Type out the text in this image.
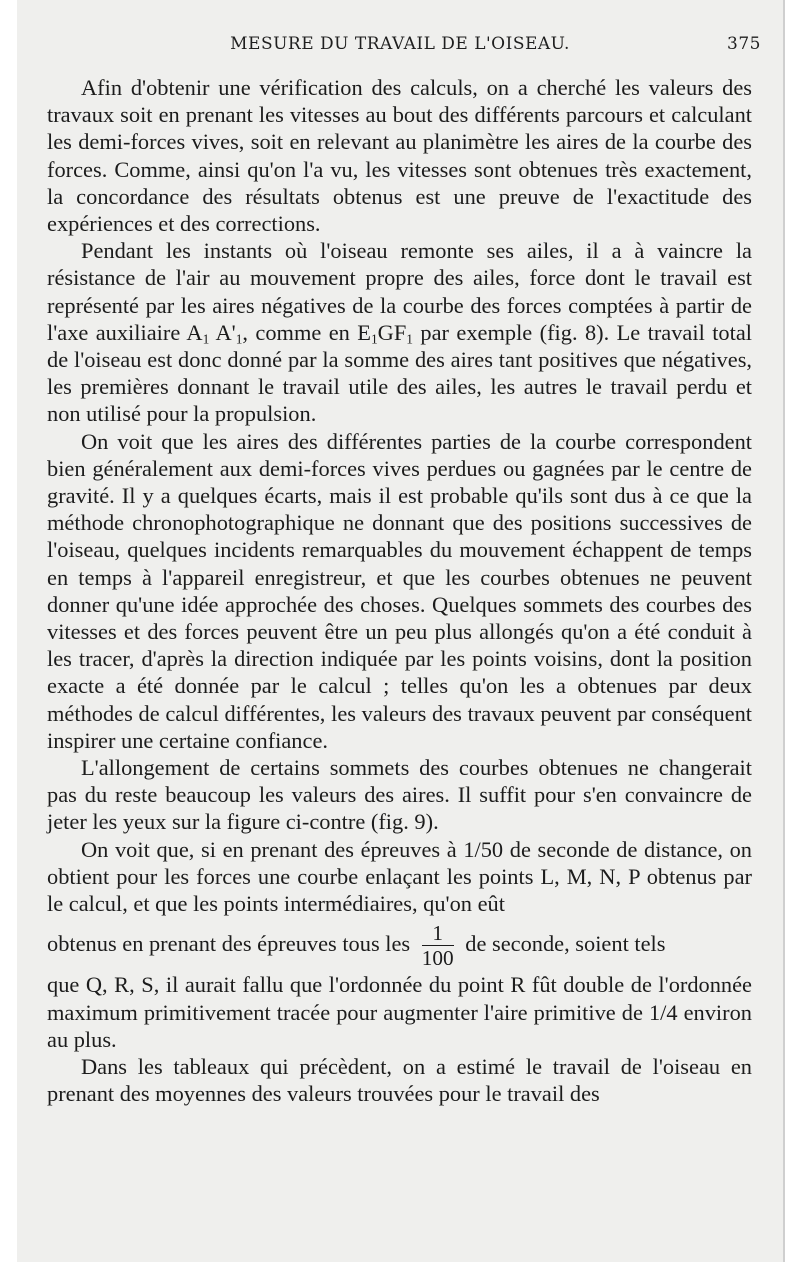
MESURE DU TRAVAIL DE L'OISEAU.	375

Afin d'obtenir une vérification des calculs, on a cherché les valeurs des travaux soit en prenant les vitesses au bout des différents parcours et calculant les demi-forces vives, soit en relevant au planimètre les aires de la courbe des forces. Comme, ainsi qu'on l'a vu, les vitesses sont obtenues très exactement, la concordance des résultats obtenus est une preuve de l'exactitude des expériences et des corrections.

Pendant les instants où l'oiseau remonte ses ailes, il a à vaincre la résistance de l'air au mouvement propre des ailes, force dont le travail est représenté par les aires négatives de la courbe des forces comptées à partir de l'axe auxiliaire $A_1$ $A'_1$, comme en $E_1GF_1$ par exemple (fig. 8). Le travail total de l'oiseau est donc donné par la somme des aires tant positives que négatives, les premières donnant le travail utile des ailes, les autres le travail perdu et non utilisé pour la propulsion.

On voit que les aires des différentes parties de la courbe correspondent bien généralement aux demi-forces vives perdues ou gagnées par le centre de gravité. Il y a quelques écarts, mais il est probable qu'ils sont dus à ce que la méthode chronophotographique ne donnant que des positions successives de l'oiseau, quelques incidents remarquables du mouvement échappent de temps en temps à l'appareil enregistreur, et que les courbes obtenues ne peuvent donner qu'une idée approchée des choses. Quelques sommets des courbes des vitesses et des forces peuvent être un peu plus allongés qu'on a été conduit à les tracer, d'après la direction indiquée par les points voisins, dont la position exacte a été donnée par le calcul ; telles qu'on les a obtenues par deux méthodes de calcul différentes, les valeurs des travaux peuvent par conséquent inspirer une certaine confiance.

L'allongement de certains sommets des courbes obtenues ne changerait pas du reste beaucoup les valeurs des aires. Il suffit pour s'en convaincre de jeter les yeux sur la figure ci-contre (fig. 9).

On voit que, si en prenant des épreuves à 1/50 de seconde de distance, on obtient pour les forces une courbe enlaçant les points L, M, N, P obtenus par le calcul, et que les points intermédiaires, qu'on eût

obtenus en prenant des épreuves tous les $\frac{1}{100}$ de seconde, soient tels

que Q, R, S, il aurait fallu que l'ordonnée du point R fût double de l'ordonnée maximum primitivement tracée pour augmenter l'aire primitive de 1/4 environ au plus.

Dans les tableaux qui précèdent, on a estimé le travail de l'oiseau en prenant des moyennes des valeurs trouvées pour le travail des
